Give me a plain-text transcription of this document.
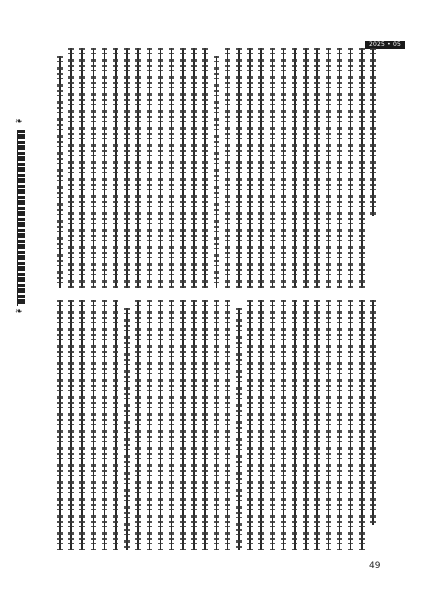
2025 • 05
❧
❧
49
